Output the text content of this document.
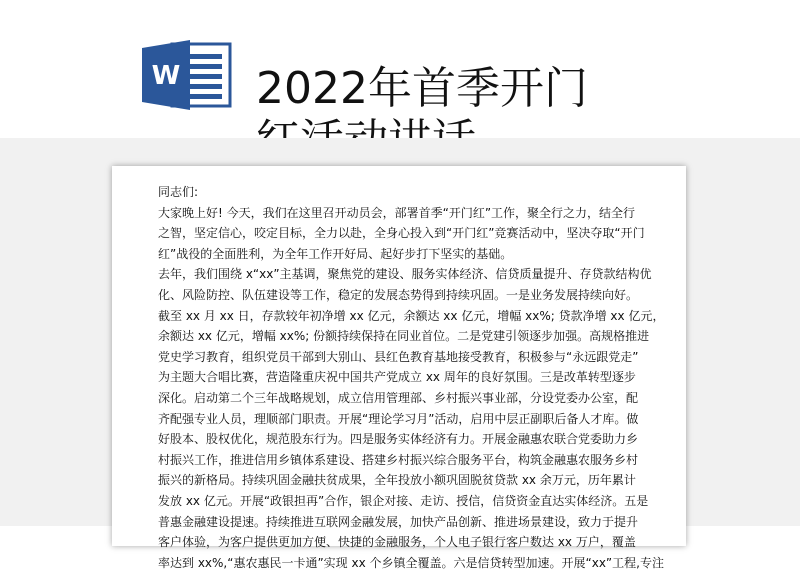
W 2022年首季开门
同志们:
大家晚上好! 今天，我们在这里召开动员会，部署首季“开门红”工作，聚全行之力，结全行
之智，坚定信心，咬定目标，全力以赴，全身心投入到“开门红”竞赛活动中，坚决夺取“开门
红”战役的全面胜利，为全年工作开好局、起好步打下坚实的基础。
去年，我们围绕 x“xx”主基调，聚焦党的建设、服务实体经济、信贷质量提升、存贷款结构优
化、风险防控、队伍建设等工作，稳定的发展态势得到持续巩固。一是业务发展持续向好。
截至 xx 月 xx 日，存款较年初净增 xx 亿元，余额达 xx 亿元，增幅 xx%; 贷款净增 xx 亿元，
余额达 xx 亿元，增幅 xx%; 份额持续保持在同业首位。二是党建引领逐步加强。高规格推进
党史学习教育，组织党员干部到大别山、县红色教育基地接受教育，积极参与“永远跟党走”
为主题大合唱比赛，营造隆重庆祝中国共产党成立 xx 周年的良好氛围。三是改革转型逐步
深化。启动第二个三年战略规划，成立信用管理部、乡村振兴事业部，分设党委办公室，配
齐配强专业人员，理顺部门职责。开展“理论学习月”活动，启用中层正副职后备人才库。做
好股本、股权优化，规范股东行为。四是服务实体经济有力。开展金融惠农联合党委助力乡
村振兴工作，推进信用乡镇体系建设、搭建乡村振兴综合服务平台，构筑金融惠农服务乡村
振兴的新格局。持续巩固金融扶贫成果，全年投放小额巩固脱贫贷款 xx 余万元，历年累计
发放 xx 亿元。开展“政银担再”合作，银企对接、走访、授信，信贷资金直达实体经济。五是
普惠金融建设提速。持续推进互联网金融发展，加快产品创新、推进场景建设，致力于提升
客户体验，为客户提供更加方便、快捷的金融服务，个人电子银行客户数达 xx 万户，覆盖
率达到 xx%,“惠农惠民一卡通”实现 xx 个乡镇全覆盖。六是信贷转型加速。开展“xx”工程,专注
